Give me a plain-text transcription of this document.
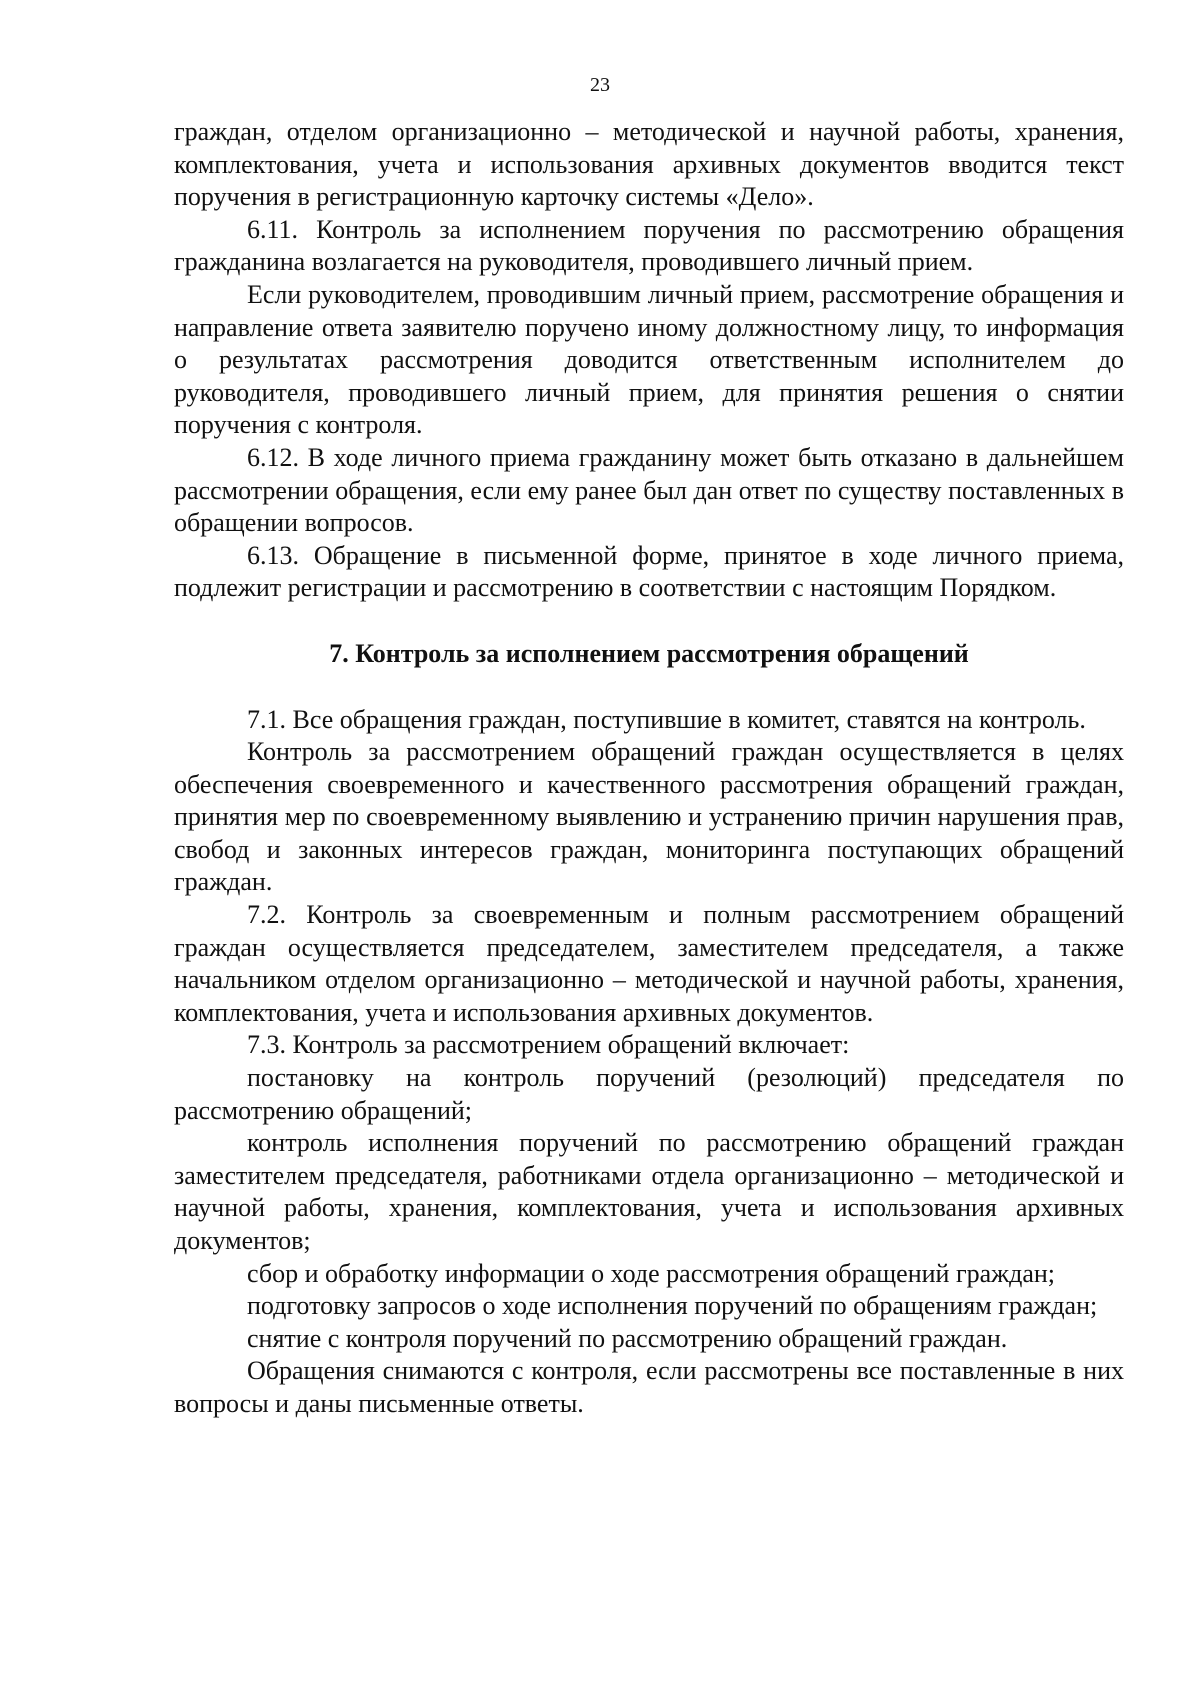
23

граждан, отделом организационно – методической и научной работы, хранения, комплектования, учета и использования архивных документов вводится текст поручения в регистрационную карточку системы «Дело».

6.11. Контроль за исполнением поручения по рассмотрению обращения гражданина возлагается на руководителя, проводившего личный прием.

Если руководителем, проводившим личный прием, рассмотрение обращения и направление ответа заявителю поручено иному должностному лицу, то информация о результатах рассмотрения доводится ответственным исполнителем до руководителя, проводившего личный прием, для принятия решения о снятии поручения с контроля.

6.12. В ходе личного приема гражданину может быть отказано в дальнейшем рассмотрении обращения, если ему ранее был дан ответ по существу поставленных в обращении вопросов.

6.13. Обращение в письменной форме, принятое в ходе личного приема, подлежит регистрации и рассмотрению в соответствии с настоящим Порядком.

7. Контроль за исполнением рассмотрения обращений

7.1. Все обращения граждан, поступившие в комитет, ставятся на контроль.

Контроль за рассмотрением обращений граждан осуществляется в целях обеспечения своевременного и качественного рассмотрения обращений граждан, принятия мер по своевременному выявлению и устранению причин нарушения прав, свобод и законных интересов граждан, мониторинга поступающих обращений граждан.

7.2. Контроль за своевременным и полным рассмотрением обращений граждан осуществляется председателем, заместителем председателя, а также начальником отделом организационно – методической и научной работы, хранения, комплектования, учета и использования архивных документов.

7.3. Контроль за рассмотрением обращений включает:

постановку на контроль поручений (резолюций) председателя по рассмотрению обращений;

контроль исполнения поручений по рассмотрению обращений граждан заместителем председателя, работниками отдела организационно – методической и научной работы, хранения, комплектования, учета и использования архивных документов;

сбор и обработку информации о ходе рассмотрения обращений граждан;

подготовку запросов о ходе исполнения поручений по обращениям граждан;

снятие с контроля поручений по рассмотрению обращений граждан.

Обращения снимаются с контроля, если рассмотрены все поставленные в них вопросы и даны письменные ответы.
